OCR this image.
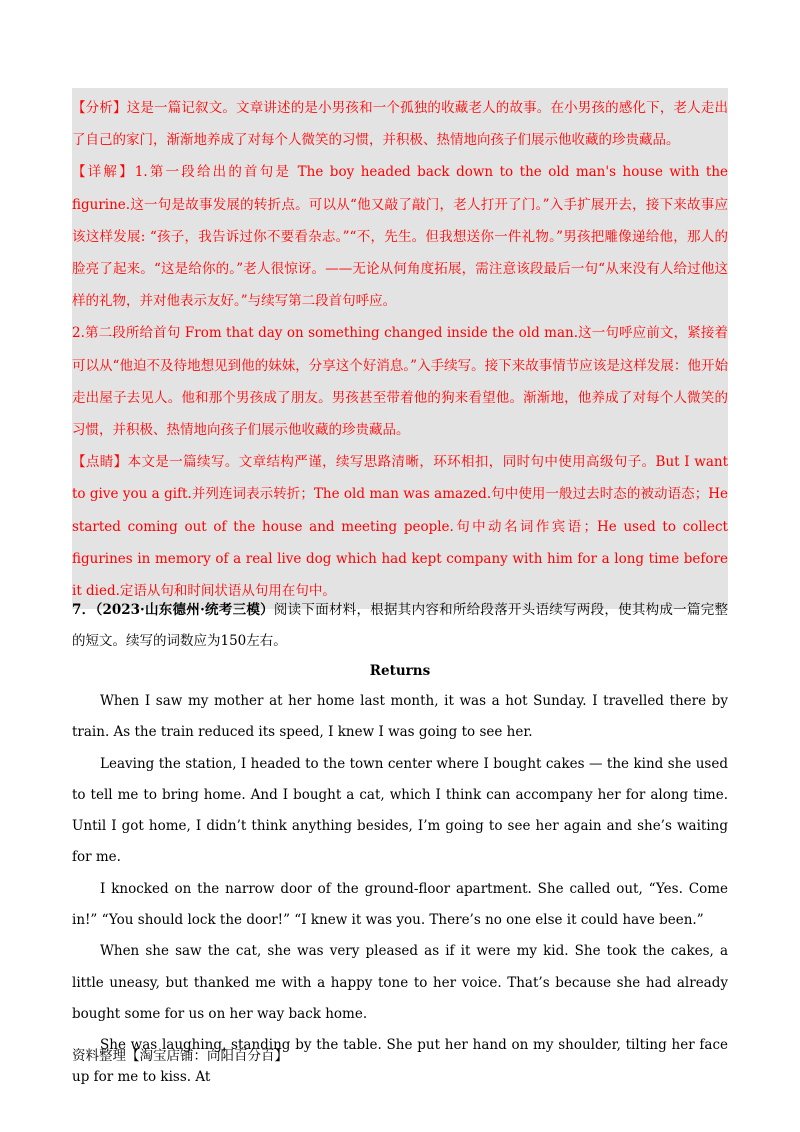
【分析】这是一篇记叙文。文章讲述的是小男孩和一个孤独的收藏老人的故事。在小男孩的感化下，老人走出了自己的家门，渐渐地养成了对每个人微笑的习惯，并积极、热情地向孩子们展示他收藏的珍贵藏品。

【详解】1.第一段给出的首句是 The boy headed back down to the old man's house with the figurine.这一句是故事发展的转折点。可以从“他又敲了敲门，老人打开了门。”入手扩展开去，接下来故事应该这样发展: “孩子，我告诉过你不要看杂志。”“不，先生。但我想送你一件礼物。”男孩把雕像递给他，那人的脸亮了起来。“这是给你的。”老人很惊讶。——无论从何角度拓展，需注意该段最后一句“从来没有人给过他这样的礼物，并对他表示友好。”与续写第二段首句呼应。

2.第二段所给首句 From that day on something changed inside the old man.这一句呼应前文，紧接着可以从“他迫不及待地想见到他的妹妹，分享这个好消息。”入手续写。接下来故事情节应该是这样发展：他开始走出屋子去见人。他和那个男孩成了朋友。男孩甚至带着他的狗来看望他。渐渐地，他养成了对每个人微笑的习惯，并积极、热情地向孩子们展示他收藏的珍贵藏品。

【点睛】本文是一篇续写。文章结构严谨，续写思路清晰，环环相扣，同时句中使用高级句子。But I want to give you a gift.并列连词表示转折；The old man was amazed.句中使用一般过去时态的被动语态；He started coming out of the house and meeting people.句中动名词作宾语；He used to collect figurines in memory of a real live dog which had kept company with him for a long time before it died.定语从句和时间状语从句用在句中。

7．（2023·山东德州·统考三模）阅读下面材料，根据其内容和所给段落开头语续写两段，使其构成一篇完整的短文。续写的词数应为150左右。

Returns

When I saw my mother at her home last month, it was a hot Sunday. I travelled there by train. As the train reduced its speed, I knew I was going to see her.

Leaving the station, I headed to the town center where I bought cakes — the kind she used to tell me to bring home. And I bought a cat, which I think can accompany her for along time. Until I got home, I didn’t think anything besides, I’m going to see her again and she’s waiting for me.

I knocked on the narrow door of the ground-floor apartment. She called out, “Yes. Come in!” “You should lock the door!” “I knew it was you. There’s no one else it could have been.”

When she saw the cat, she was very pleased as if it were my kid. She took the cakes, a little uneasy, but thanked me with a happy tone to her voice. That’s because she had already bought some for us on her way back home.

She was laughing, standing by the table. She put her hand on my shoulder, tilting her face up for me to kiss. At

资料整理【淘宝店铺：向阳百分百】
